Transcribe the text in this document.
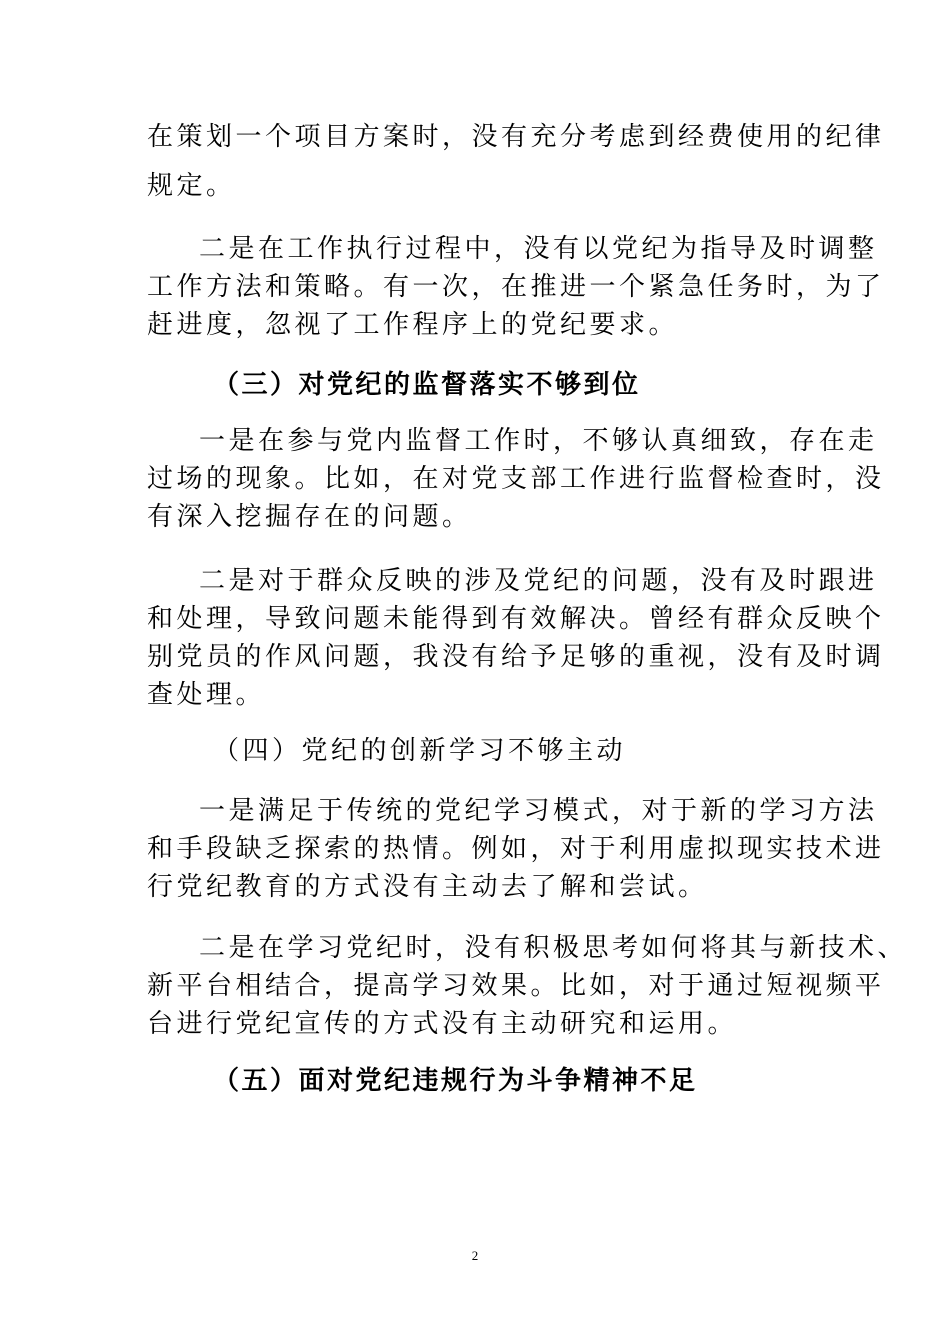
在策划一个项目方案时，没有充分考虑到经费使用的纪律
规定。
二是在工作执行过程中，没有以党纪为指导及时调整
工作方法和策略。有一次，在推进一个紧急任务时，为了
赶进度，忽视了工作程序上的党纪要求。
（三）对党纪的监督落实不够到位
一是在参与党内监督工作时，不够认真细致，存在走
过场的现象。比如，在对党支部工作进行监督检查时，没
有深入挖掘存在的问题。
二是对于群众反映的涉及党纪的问题，没有及时跟进
和处理，导致问题未能得到有效解决。曾经有群众反映个
别党员的作风问题，我没有给予足够的重视，没有及时调
查处理。
（四）党纪的创新学习不够主动
一是满足于传统的党纪学习模式，对于新的学习方法
和手段缺乏探索的热情。例如，对于利用虚拟现实技术进
行党纪教育的方式没有主动去了解和尝试。
二是在学习党纪时，没有积极思考如何将其与新技术、
新平台相结合，提高学习效果。比如，对于通过短视频平
台进行党纪宣传的方式没有主动研究和运用。
（五）面对党纪违规行为斗争精神不足
2
